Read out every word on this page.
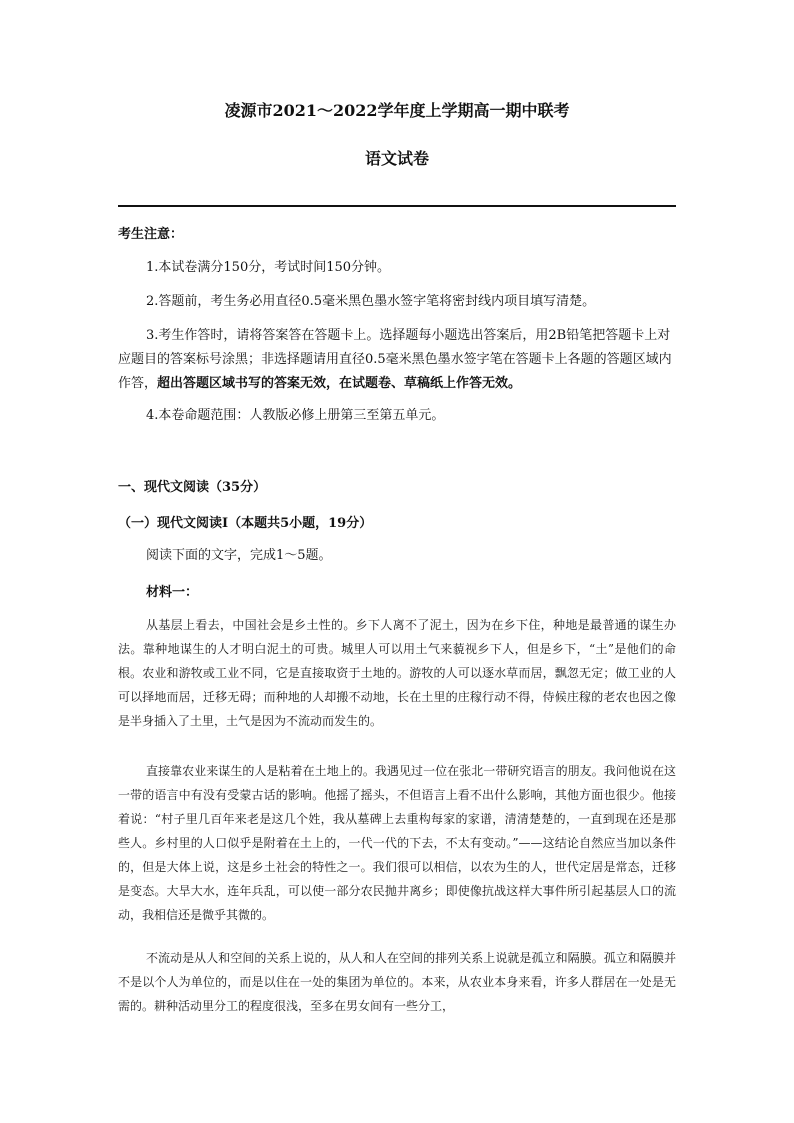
凌源市2021～2022学年度上学期高一期中联考
语文试卷
考生注意：

1.本试卷满分150分，考试时间150分钟。

2.答题前，考生务必用直径0.5毫米黑色墨水签字笔将密封线内项目填写清楚。

3.考生作答时，请将答案答在答题卡上。选择题每小题选出答案后，用2B铅笔把答题卡上对应题目的答案标号涂黑；非选择题请用直径0.5毫米黑色墨水签字笔在答题卡上各题的答题区域内作答，超出答题区域书写的答案无效，在试题卷、草稿纸上作答无效。

4.本卷命题范围：人教版必修上册第三至第五单元。

一、现代文阅读（35分）
（一）现代文阅读I（本题共5小题，19分）
阅读下面的文字，完成1～5题。
材料一：

从基层上看去，中国社会是乡土性的。乡下人离不了泥土，因为在乡下住，种地是最普通的谋生办法。靠种地谋生的人才明白泥土的可贵。城里人可以用土气来藐视乡下人，但是乡下，“土”是他们的命根。农业和游牧或工业不同，它是直接取资于土地的。游牧的人可以逐水草而居，飘忽无定；做工业的人可以择地而居，迁移无碍；而种地的人却搬不动地，长在土里的庄稼行动不得，侍候庄稼的老农也因之像是半身插入了土里，土气是因为不流动而发生的。

直接靠农业来谋生的人是粘着在土地上的。我遇见过一位在张北一带研究语言的朋友。我问他说在这一带的语言中有没有受蒙古话的影响。他摇了摇头，不但语言上看不出什么影响，其他方面也很少。他接着说：“村子里几百年来老是这几个姓，我从墓碑上去重构每家的家谱，清清楚楚的，一直到现在还是那些人。乡村里的人口似乎是附着在土上的，一代一代的下去，不太有变动。”——这结论自然应当加以条件的，但是大体上说，这是乡土社会的特性之一。我们很可以相信，以农为生的人，世代定居是常态，迁移是变态。大旱大水，连年兵乱，可以使一部分农民抛井离乡；即使像抗战这样大事件所引起基层人口的流动，我相信还是微乎其微的。

不流动是从人和空间的关系上说的，从人和人在空间的排列关系上说就是孤立和隔膜。孤立和隔膜并不是以个人为单位的，而是以住在一处的集团为单位的。本来，从农业本身来看，许多人群居在一处是无需的。耕种活动里分工的程度很浅，至多在男女间有一些分工，
